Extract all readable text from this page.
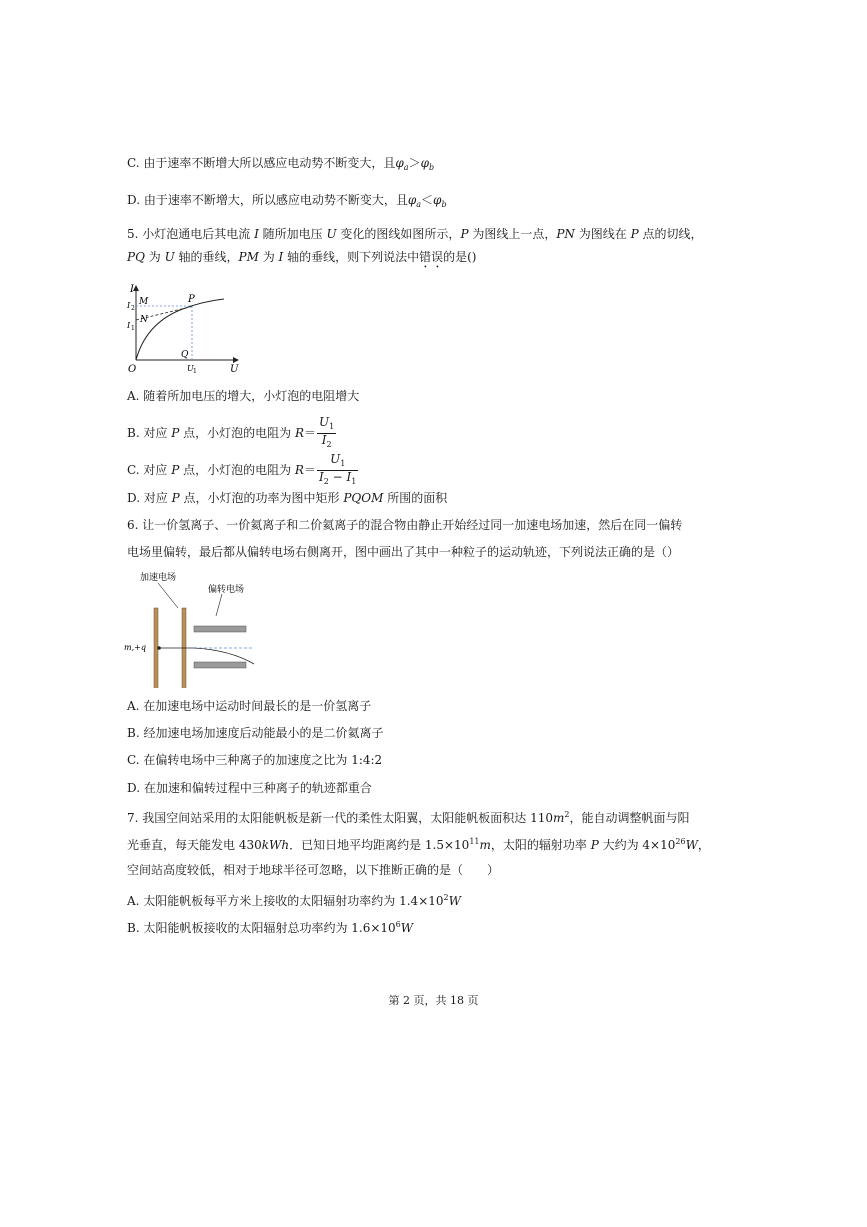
C. 由于速率不断增大所以感应电动势不断变大，且$\varphi_a>\varphi_b$
D. 由于速率不断增大，所以感应电动势不断变大，且$\varphi_a<\varphi_b$
5. 小灯泡通电后其电流 I 随所加电压 U 变化的图线如图所示，P 为图线上一点，PN 为图线在 P 点的切线，
PQ 为 U 轴的垂线，PM 为 I 轴的垂线，则下列说法中错误的是()
I
U
O
M
N
P
Q
I 2
I 1
U 1
A. 随着所加电压的增大，小灯泡的电阻增大
B. 对应 P 点，小灯泡的电阻为 $R= \frac{U_1}{I_2}$
C. 对应 P 点，小灯泡的电阻为 $R= \frac{U_1}{I_2 - I_1}$
D. 对应 P 点，小灯泡的功率为图中矩形 PQOM 所围的面积
6. 让一价氢离子、一价氦离子和二价氦离子的混合物由静止开始经过同一加速电场加速，然后在同一偏转
电场里偏转，最后都从偏转电场右侧离开，图中画出了其中一种粒子的运动轨迹，下列说法正确的是（）
加速电场
偏转电场
m,+q
A. 在加速电场中运动时间最长的是一价氢离子
B. 经加速电场加速度后动能最小的是二价氦离子
C. 在偏转电场中三种离子的加速度之比为 1:4:2
D. 在加速和偏转过程中三种离子的轨迹都重合
7. 我国空间站采用的太阳能帆板是新一代的柔性太阳翼，太阳能帆板面积达 $110m^2$，能自动调整帆面与阳
光垂直，每天能发电 430kWh．已知日地平均距离约是 $1.5\times 10^{11}m$，太阳的辐射功率 P 大约为 $4\times 10^{26}W$，
空间站高度较低，相对于地球半径可忽略，以下推断正确的是（　　）
A. 太阳能帆板每平方米上接收的太阳辐射功率约为 $1.4\times 10^2W$
B. 太阳能帆板接收的太阳辐射总功率约为 $1.6\times 10^6W$
第 2 页，共 18 页
